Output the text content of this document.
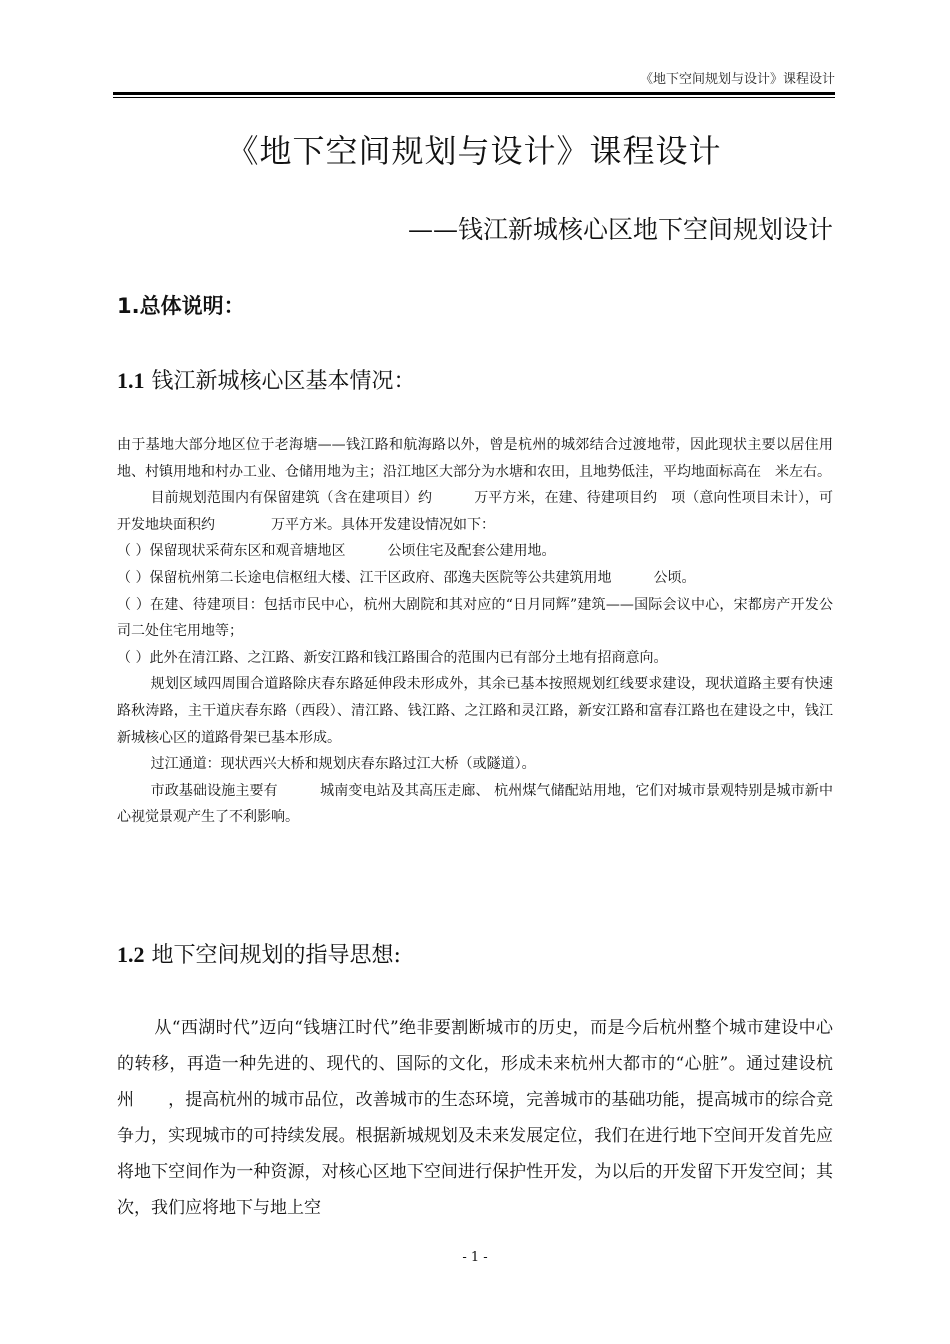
《地下空间规划与设计》课程设计
《地下空间规划与设计》课程设计
——钱江新城核心区地下空间规划设计
1.总体说明：
1.1 钱江新城核心区基本情况：

由于基地大部分地区位于老海塘——钱江路和航海路以外，曾是杭州的城郊结合过渡地带，因此现状主要以居住用地、村镇用地和村办工业、仓储用地为主；沿江地区大部分为水塘和农田，且地势低洼，平均地面标高在　米左右。

目前规划范围内有保留建筑（含在建项目）约　　　万平方米，在建、待建项目约　项（意向性项目未计），可开发地块面积约　　　　万平方米。具体开发建设情况如下：

（ ）保留现状采荷东区和观音塘地区　　　公顷住宅及配套公建用地。

（ ）保留杭州第二长途电信枢纽大楼、江干区政府、邵逸夫医院等公共建筑用地　　　公顷。

（ ）在建、待建项目：包括市民中心，杭州大剧院和其对应的“日月同辉”建筑——国际会议中心，宋都房产开发公司二处住宅用地等；

（ ）此外在清江路、之江路、新安江路和钱江路围合的范围内已有部分土地有招商意向。

规划区域四周围合道路除庆春东路延伸段未形成外，其余已基本按照规划红线要求建设，现状道路主要有快速路秋涛路，主干道庆春东路（西段）、清江路、钱江路、之江路和灵江路，新安江路和富春江路也在建设之中，钱江新城核心区的道路骨架已基本形成。

过江通道：现状西兴大桥和规划庆春东路过江大桥（或隧道）。

市政基础设施主要有　　　城南变电站及其高压走廊、 杭州煤气储配站用地，它们对城市景观特别是城市新中心视觉景观产生了不利影响。

1.2 地下空间规划的指导思想:

从“西湖时代”迈向“钱塘江时代”绝非要割断城市的历史，而是今后杭州整个城市建设中心的转移，再造一种先进的、现代的、国际的文化，形成未来杭州大都市的“心脏”。通过建设杭州　　，提高杭州的城市品位，改善城市的生态环境，完善城市的基础功能，提高城市的综合竞争力，实现城市的可持续发展。根据新城规划及未来发展定位，我们在进行地下空间开发首先应将地下空间作为一种资源，对核心区地下空间进行保护性开发，为以后的开发留下开发空间；其次，我们应将地下与地上空

- 1 -
